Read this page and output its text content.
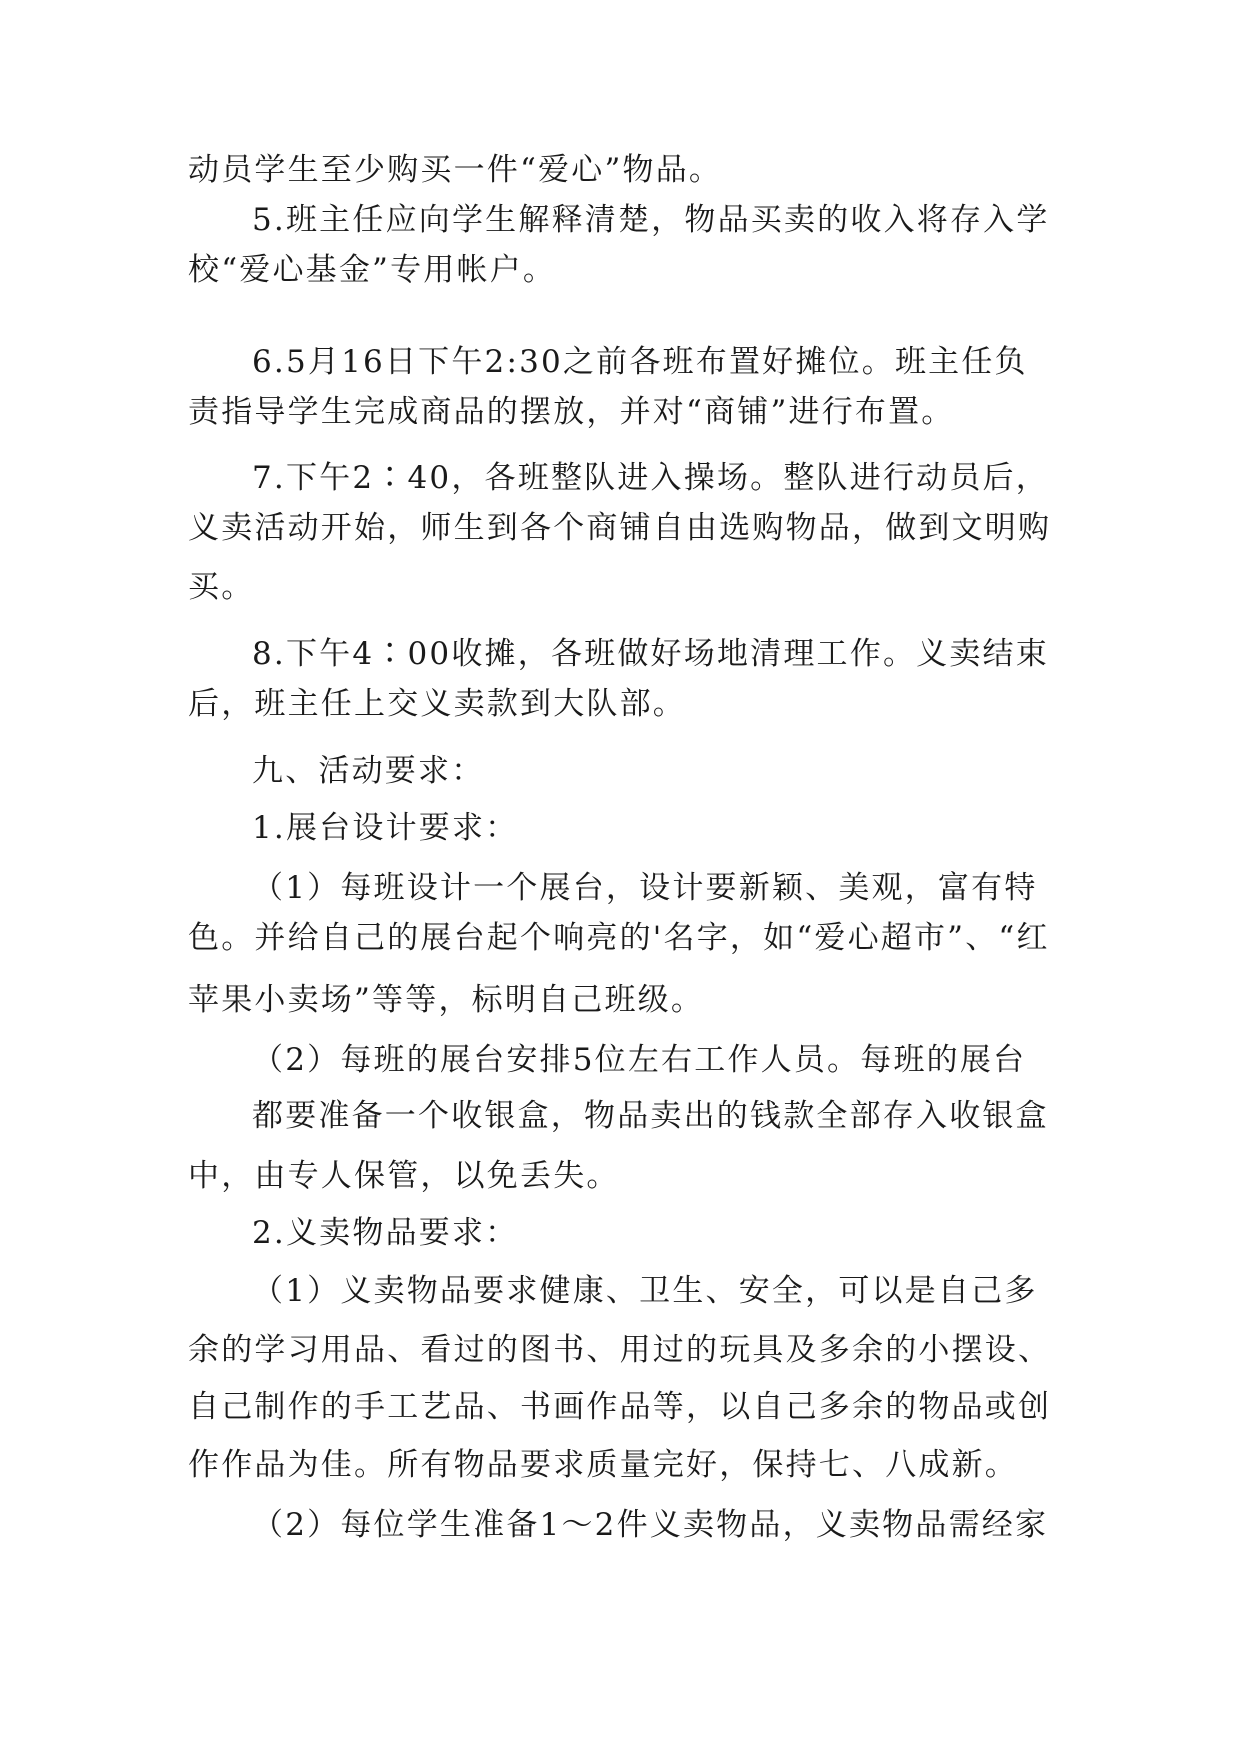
动员学生至少购买一件“爱心”物品。
5.班主任应向学生解释清楚，物品买卖的收入将存入学
校“爱心基金”专用帐户。
6.5月16日下午2:30之前各班布置好摊位。班主任负
责指导学生完成商品的摆放，并对“商铺”进行布置。
7.下午2∶40，各班整队进入操场。整队进行动员后，
义卖活动开始，师生到各个商铺自由选购物品，做到文明购
买。
8.下午4∶00收摊，各班做好场地清理工作。义卖结束
后，班主任上交义卖款到大队部。
九、活动要求：
1.展台设计要求：
（1）每班设计一个展台，设计要新颖、美观，富有特
色。并给自己的展台起个响亮的'名字，如“爱心超市”、“红
苹果小卖场”等等，标明自己班级。
（2）每班的展台安排5位左右工作人员。每班的展台
都要准备一个收银盒，物品卖出的钱款全部存入收银盒
中，由专人保管，以免丢失。
2.义卖物品要求：
（1）义卖物品要求健康、卫生、安全，可以是自己多
余的学习用品、看过的图书、用过的玩具及多余的小摆设、
自己制作的手工艺品、书画作品等，以自己多余的物品或创
作作品为佳。所有物品要求质量完好，保持七、八成新。
（2）每位学生准备1～2件义卖物品，义卖物品需经家
